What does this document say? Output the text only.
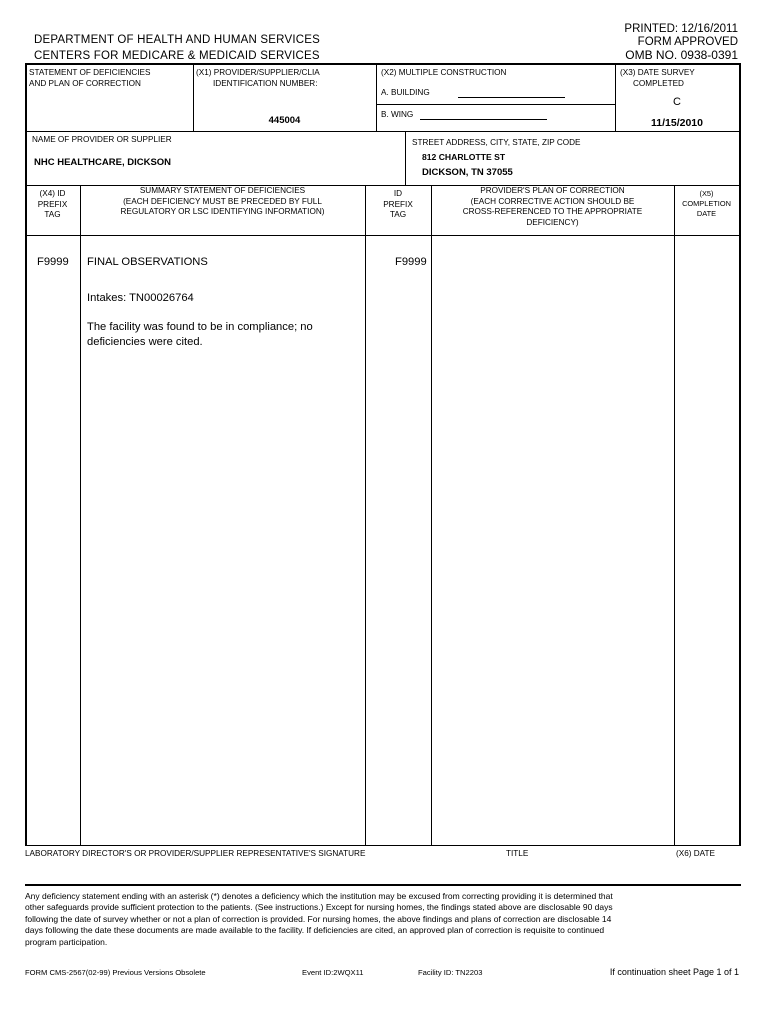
DEPARTMENT OF HEALTH AND HUMAN SERVICES
CENTERS FOR MEDICARE & MEDICAID SERVICES
PRINTED: 12/16/2011
FORM APPROVED
OMB NO. 0938-0391
STATEMENT OF DEFICIENCIES
AND PLAN OF CORRECTION
(X1) PROVIDER/SUPPLIER/CLIA
IDENTIFICATION NUMBER:
445004
(X2) MULTIPLE CONSTRUCTION
A. BUILDING
B. WING
(X3) DATE SURVEY
COMPLETED
C
11/15/2010
NAME OF PROVIDER OR SUPPLIER
NHC HEALTHCARE, DICKSON
STREET ADDRESS, CITY, STATE, ZIP CODE
812 CHARLOTTE ST
DICKSON, TN 37055
(X4) ID
PREFIX
TAG
SUMMARY STATEMENT OF DEFICIENCIES
(EACH DEFICIENCY MUST BE PRECEDED BY FULL
REGULATORY OR LSC IDENTIFYING INFORMATION)
ID
PREFIX
TAG
PROVIDER'S PLAN OF CORRECTION
(EACH CORRECTIVE ACTION SHOULD BE
CROSS-REFERENCED TO THE APPROPRIATE
DEFICIENCY)
(X5)
COMPLETION
DATE
F9999 FINAL OBSERVATIONS	F9999
Intakes: TN00026764
The facility was found to be in compliance; no
deficiencies were cited.
LABORATORY DIRECTOR'S OR PROVIDER/SUPPLIER REPRESENTATIVE'S SIGNATURE	TITLE	(X6) DATE
Any deficiency statement ending with an asterisk (*) denotes a deficiency which the institution may be excused from correcting providing it is determined that
other safeguards provide sufficient protection to the patients. (See instructions.) Except for nursing homes, the findings stated above are disclosable 90 days
following the date of survey whether or not a plan of correction is provided. For nursing homes, the above findings and plans of correction are disclosable 14
days following the date these documents are made available to the facility. If deficiencies are cited, an approved plan of correction is requisite to continued
program participation.
FORM CMS-2567(02-99) Previous Versions Obsolete	Event ID:2WQX11	Facility ID: TN2203	If continuation sheet Page 1 of 1
